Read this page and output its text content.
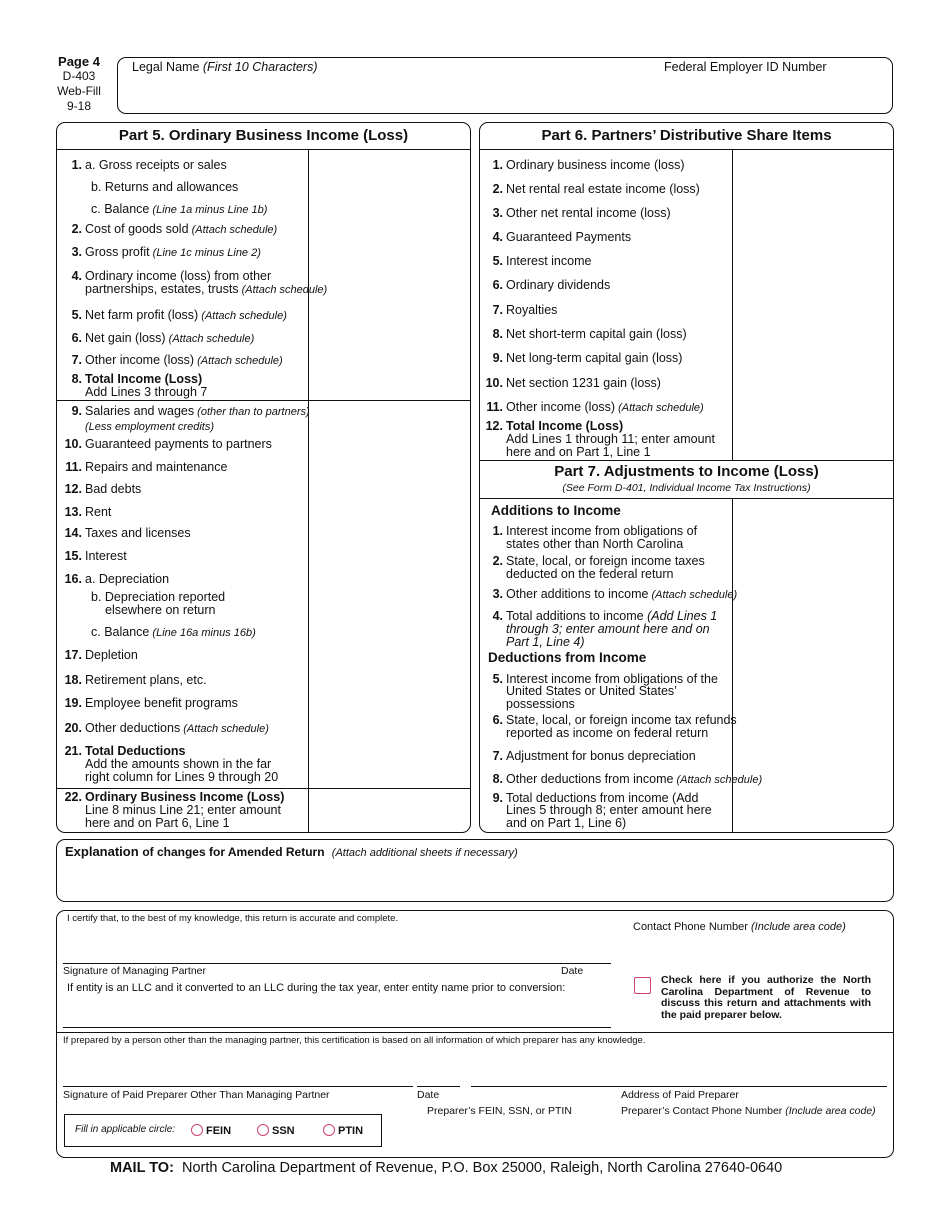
Page 4
D-403
Web-Fill
9-18
Legal Name (First 10 Characters)	Federal Employer ID Number
Part 5. Ordinary Business Income (Loss)
1.a. Gross receipts or sales
b. Returns and allowances
c. Balance (Line 1a minus Line 1b)
2.Cost of goods sold (Attach schedule)
3.Gross profit (Line 1c minus Line 2)
4.Ordinary income (loss) from other
partnerships, estates, trusts (Attach schedule)
5.Net farm profit (loss) (Attach schedule)
6.Net gain (loss) (Attach schedule)
7.Other income (loss) (Attach schedule)
8.Total Income (Loss)
Add Lines 3 through 7
9.Salaries and wages (other than to partners)
(Less employment credits)
10.Guaranteed payments to partners
11.Repairs and maintenance
12.Bad debts
13.Rent
14.Taxes and licenses
15.Interest
16.a. Depreciation
b. Depreciation reported
elsewhere on return
c. Balance (Line 16a minus 16b)
17.Depletion
18.Retirement plans, etc.
19.Employee benefit programs
20.Other deductions (Attach schedule)
21.Total Deductions
Add the amounts shown in the far
right column for Lines 9 through 20
22.Ordinary Business Income (Loss)
Line 8 minus Line 21; enter amount
here and on Part 6, Line 1
Part 6. Partners’ Distributive Share Items
Part 7. Adjustments to Income (Loss)
(See Form D-401, Individual Income Tax Instructions)
Additions to Income
Deductions from Income
1.Ordinary business income (loss)
2.Net rental real estate income (loss)
3.Other net rental income (loss)
4.Guaranteed Payments
5.Interest income
6.Ordinary dividends
7.Royalties
8.Net short-term capital gain (loss)
9.Net long-term capital gain (loss)
10.Net section 1231 gain (loss)
11.Other income (loss) (Attach schedule)
12.Total Income (Loss)
Add Lines 1 through 11; enter amount
here and on Part 1, Line 1
1.Interest income from obligations of
states other than North Carolina
2.State, local, or foreign income taxes
deducted on the federal return
3.Other additions to income (Attach schedule)
4.Total additions to income (Add Lines 1
through 3; enter amount here and on
Part 1, Line 4)
5.Interest income from obligations of the
United States or United States’
possessions
6.State, local, or foreign income tax refunds
reported as income on federal return
7.Adjustment for bonus depreciation
8.Other deductions from income (Attach schedule)
9.Total deductions from income (Add
Lines 5 through 8; enter amount here
and on Part 1, Line 6)
Explanation of changes for Amended Return (Attach additional sheets if necessary)
I certify that, to the best of my knowledge, this return is accurate and complete.
Contact Phone Number (Include area code)
Signature of Managing Partner	Date
If entity is an LLC and it converted to an LLC during the tax year, enter entity name prior to conversion:
Check here if you authorize the North Carolina Department of Revenue to discuss this return and attachments with the paid preparer below.
If prepared by a person other than the managing partner, this certification is based on all information of which preparer has any knowledge.
Signature of Paid Preparer Other Than Managing Partner	Date	Address of Paid Preparer
Preparer’s FEIN, SSN, or PTIN	Preparer’s Contact Phone Number (Include area code)
Fill in applicable circle:	FEIN	SSN	PTIN
MAIL TO: North Carolina Department of Revenue, P.O. Box 25000, Raleigh, North Carolina 27640-0640
